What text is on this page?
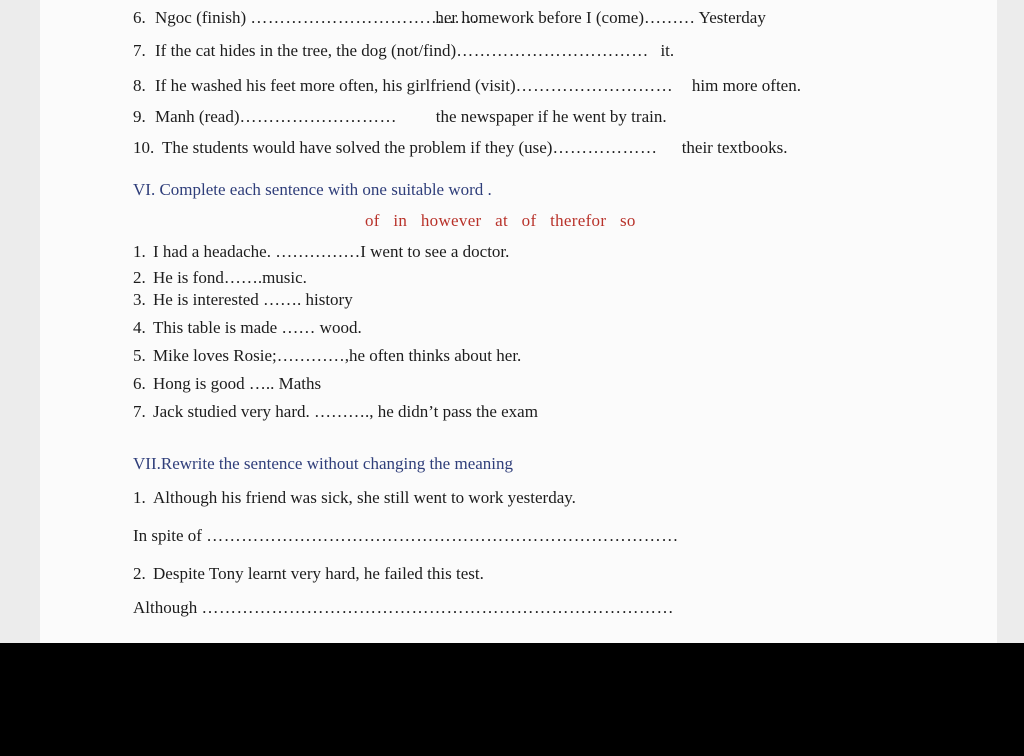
6. Ngoc (finish) …………………………………her homework before I (come)……… Yesterday
7. If the cat hides in the tree, the dog (not/find)…………………………… it.
8. If he washed his feet more often, his girlfriend (visit)……………………… him more often.
9. Manh (read)……………………… the newspaper if he went by train.
10. The students would have solved the problem if they (use)……………… their textbooks.
VI. Complete each sentence with one suitable word .
of   in   however   at   of   therefor   so
1. I had a headache. ……………I went to see a doctor.
2. He is fond…….music.
3. He is interested ……. history
4. This table is made …… wood.
5. Mike loves Rosie;…………,he often thinks about her.
6. Hong is good ….. Maths
7. Jack studied very hard. ………., he didn’t pass the exam
VII.Rewrite the sentence without changing the meaning
1. Although his friend was sick, she still went to work yesterday.
In spite of ………………………………………………………………………
2. Despite Tony learnt very hard, he failed this test.
Although ………………………………………………………………………
